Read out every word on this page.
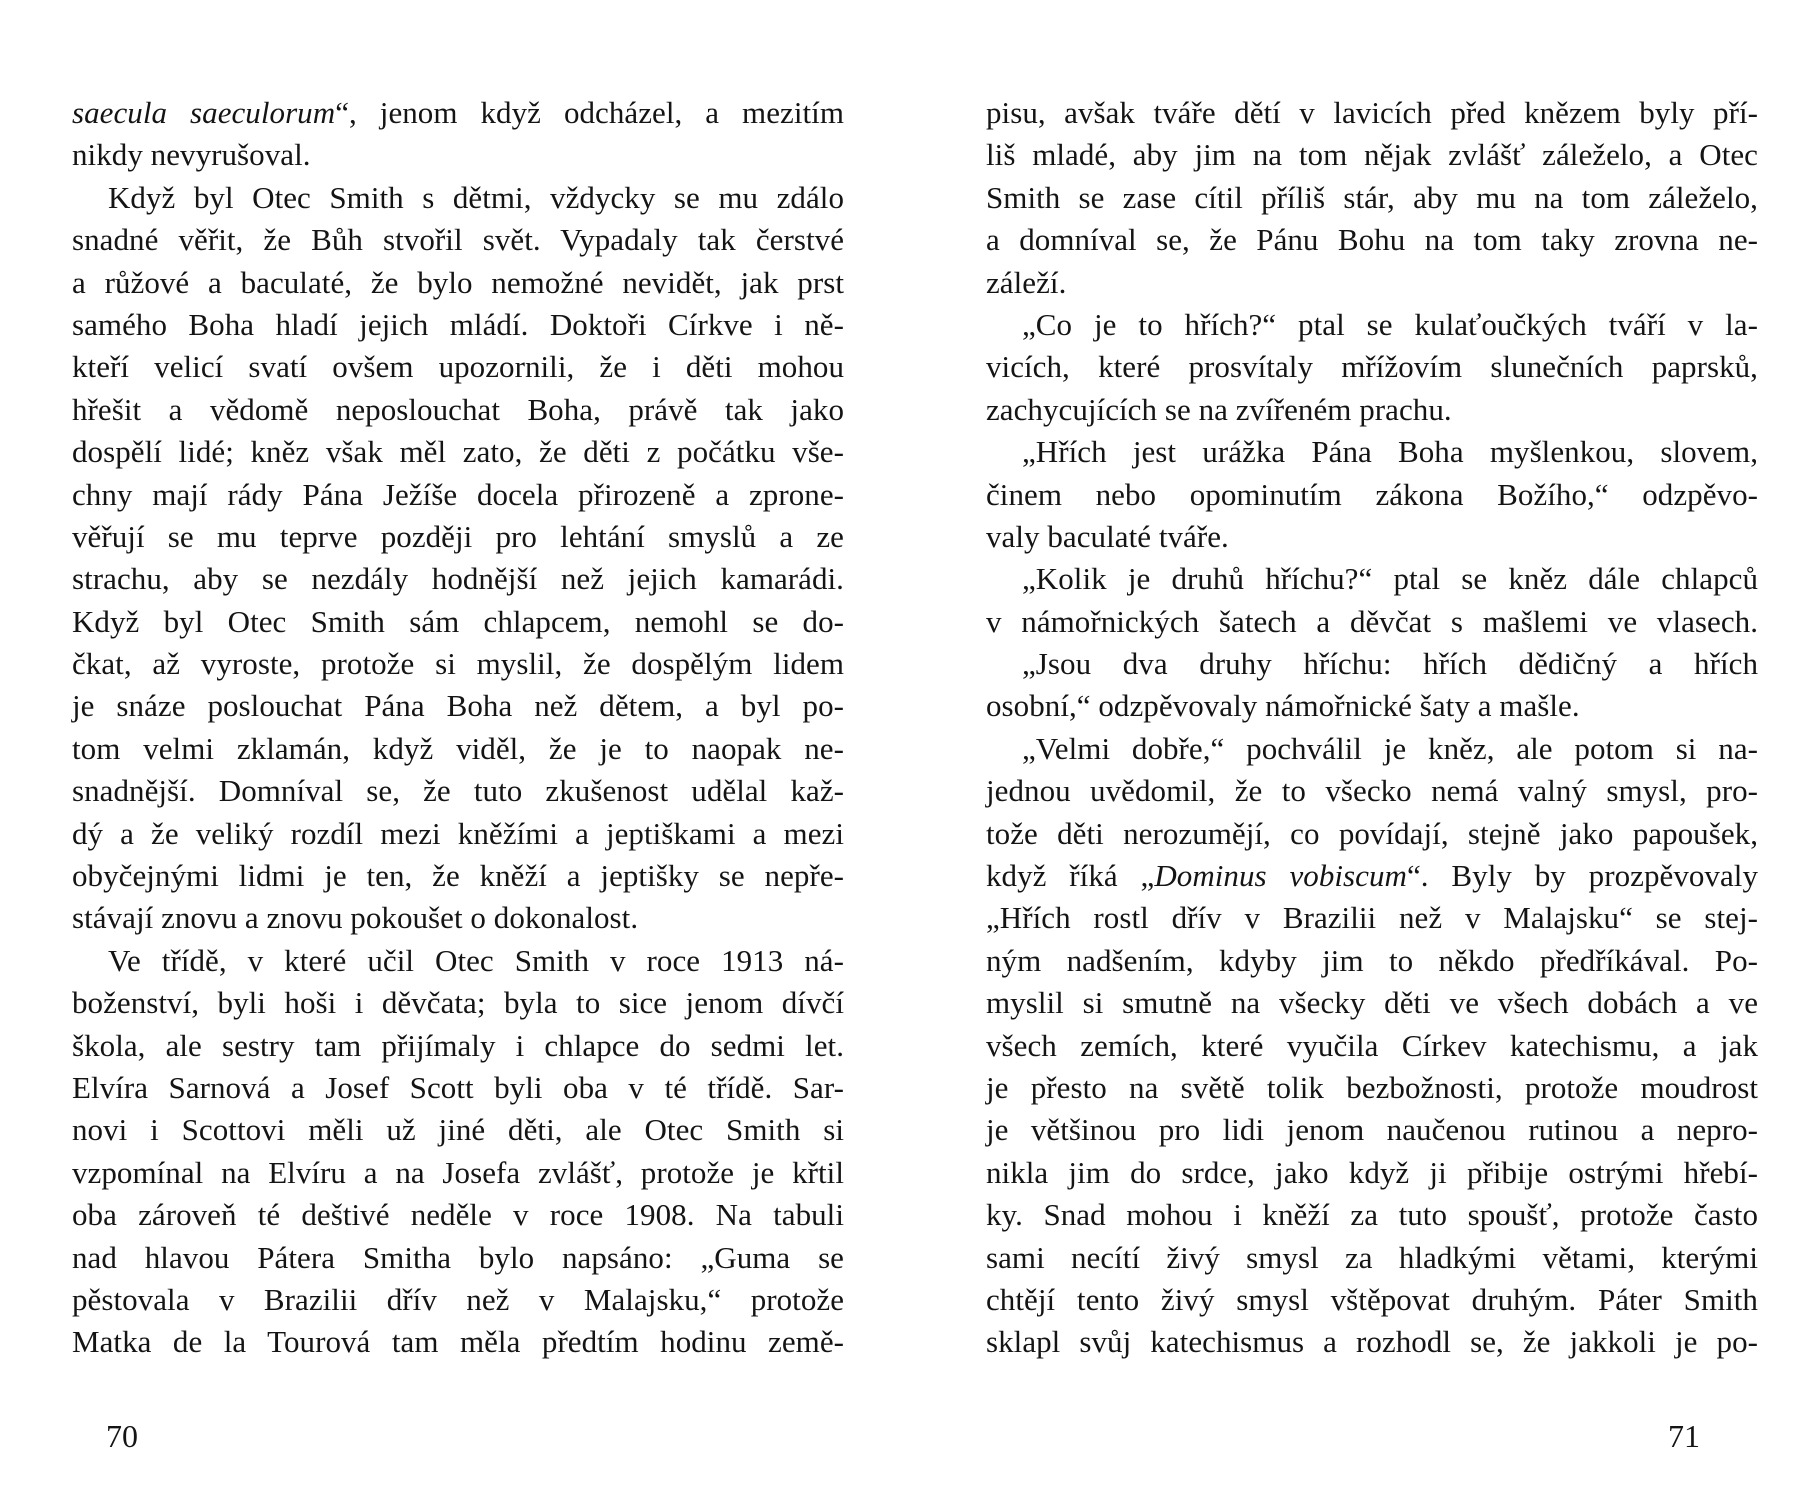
saecula saeculorum“, jenom když odcházel, a mezitím
nikdy nevyrušoval.
Když byl Otec Smith s dětmi, vždycky se mu zdálo
snadné věřit, že Bůh stvořil svět. Vypadaly tak čerstvé
a růžové a baculaté, že bylo nemožné nevidět, jak prst
samého Boha hladí jejich mládí. Doktoři Církve i ně-
kteří velicí svatí ovšem upozornili, že i děti mohou
hřešit a vědomě neposlouchat Boha, právě tak jako
dospělí lidé; kněz však měl zato, že děti z počátku vše-
chny mají rády Pána Ježíše docela přirozeně a zprone-
věřují se mu teprve později pro lehtání smyslů a ze
strachu, aby se nezdály hodnější než jejich kamarádi.
Když byl Otec Smith sám chlapcem, nemohl se do-
čkat, až vyroste, protože si myslil, že dospělým lidem
je snáze poslouchat Pána Boha než dětem, a byl po-
tom velmi zklamán, když viděl, že je to naopak ne-
snadnější. Domníval se, že tuto zkušenost udělal kaž-
dý a že veliký rozdíl mezi kněžími a jeptiškami a mezi
obyčejnými lidmi je ten, že kněží a jeptišky se nepře-
stávají znovu a znovu pokoušet o dokonalost.
Ve třídě, v které učil Otec Smith v roce 1913 ná-
boženství, byli hoši i děvčata; byla to sice jenom dívčí
škola, ale sestry tam přijímaly i chlapce do sedmi let.
Elvíra Sarnová a Josef Scott byli oba v té třídě. Sar-
novi i Scottovi měli už jiné děti, ale Otec Smith si
vzpomínal na Elvíru a na Josefa zvlášť, protože je křtil
oba zároveň té deštivé neděle v roce 1908. Na tabuli
nad hlavou Pátera Smitha bylo napsáno: „Guma se
pěstovala v Brazilii dřív než v Malajsku,“ protože
Matka de la Tourová tam měla předtím hodinu země-
70
pisu, avšak tváře dětí v lavicích před knězem byly pří-
liš mladé, aby jim na tom nějak zvlášť záleželo, a Otec
Smith se zase cítil příliš stár, aby mu na tom záleželo,
a domníval se, že Pánu Bohu na tom taky zrovna ne-
záleží.
„Co je to hřích?“ ptal se kulaťoučkých tváří v la-
vicích, které prosvítaly mřížovím slunečních paprsků,
zachycujících se na zvířeném prachu.
„Hřích jest urážka Pána Boha myšlenkou, slovem,
činem nebo opominutím zákona Božího,“ odzpěvo-
valy baculaté tváře.
„Kolik je druhů hříchu?“ ptal se kněz dále chlapců
v námořnických šatech a děvčat s mašlemi ve vlasech.
„Jsou dva druhy hříchu: hřích dědičný a hřích
osobní,“ odzpěvovaly námořnické šaty a mašle.
„Velmi dobře,“ pochválil je kněz, ale potom si na-
jednou uvědomil, že to všecko nemá valný smysl, pro-
tože děti nerozumějí, co povídají, stejně jako papoušek,
když říká „Dominus vobiscum“. Byly by prozpěvovaly
„Hřích rostl dřív v Brazilii než v Malajsku“ se stej-
ným nadšením, kdyby jim to někdo předříkával. Po-
myslil si smutně na všecky děti ve všech dobách a ve
všech zemích, které vyučila Církev katechismu, a jak
je přesto na světě tolik bezbožnosti, protože moudrost
je většinou pro lidi jenom naučenou rutinou a nepro-
nikla jim do srdce, jako když ji přibije ostrými hřebí-
ky. Snad mohou i kněží za tuto spoušť, protože často
sami necítí živý smysl za hladkými větami, kterými
chtějí tento živý smysl vštěpovat druhým. Páter Smith
sklapl svůj katechismus a rozhodl se, že jakkoli je po-
71
